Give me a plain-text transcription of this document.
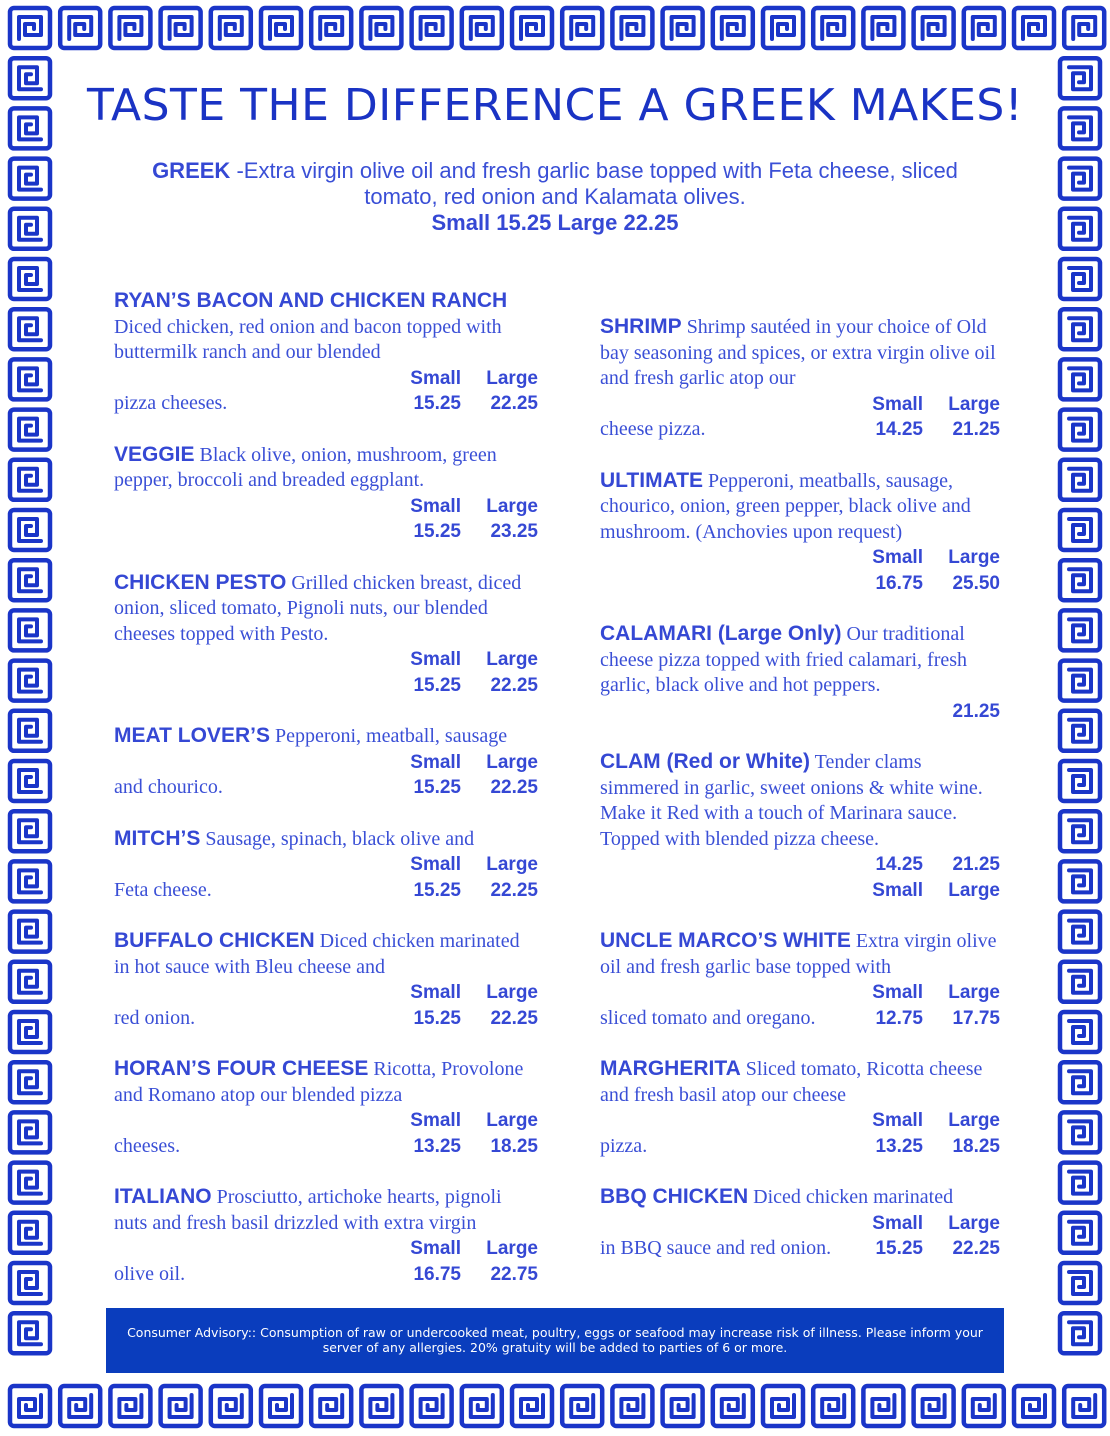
TASTE THE DIFFERENCE A GREEK MAKES!
GREEK -Extra virgin olive oil and fresh garlic base topped with Feta cheese, sliced tomato, red onion and Kalamata olives.
Small 15.25 Large 22.25
RYAN’S BACON AND CHICKEN RANCH Diced chicken, red onion and bacon topped with buttermilk ranch and our blended
Small	Large
pizza cheeses.	15.25	22.25
VEGGIE Black olive, onion, mushroom, green pepper, broccoli and breaded eggplant.
Small	Large
15.25	23.25
CHICKEN PESTO Grilled chicken breast, diced onion, sliced tomato, Pignoli nuts, our blended cheeses topped with Pesto.
Small	Large
15.25	22.25
MEAT LOVER’S Pepperoni, meatball, sausage
Small	Large
and chourico.	15.25	22.25
MITCH’S Sausage, spinach, black olive and
Small	Large
Feta cheese.	15.25	22.25
BUFFALO CHICKEN Diced chicken marinated in hot sauce with Bleu cheese and
Small	Large
red onion.	15.25	22.25
HORAN’S FOUR CHEESE Ricotta, Provolone and Romano atop our blended pizza
Small	Large
cheeses.	13.25	18.25
ITALIANO Prosciutto, artichoke hearts, pignoli nuts and fresh basil drizzled with extra virgin
Small	Large
olive oil.	16.75	22.75
SHRIMP Shrimp sautéed in your choice of Old bay seasoning and spices, or extra virgin olive oil and fresh garlic atop our
Small	Large
cheese pizza.	14.25	21.25
ULTIMATE Pepperoni, meatballs, sausage, chourico, onion, green pepper, black olive and mushroom. (Anchovies upon request)
Small	Large
16.75	25.50
CALAMARI (Large Only) Our traditional cheese pizza topped with fried calamari, fresh garlic, black olive and hot peppers.
21.25
CLAM (Red or White) Tender clams simmered in garlic, sweet onions & white wine. Make it Red with a touch of Marinara sauce. Topped with blended pizza cheese.
14.25	21.25
Small	Large
UNCLE MARCO’S WHITE Extra virgin olive oil and fresh garlic base topped with
Small	Large
sliced tomato and oregano.	12.75	17.75
MARGHERITA Sliced tomato, Ricotta cheese and fresh basil atop our cheese
Small	Large
pizza.	13.25	18.25
BBQ CHICKEN Diced chicken marinated
Small	Large
in BBQ sauce and red onion.	15.25	22.25
Consumer Advisory:: Consumption of raw or undercooked meat, poultry, eggs or seafood may increase risk of illness. Please inform your server of any allergies. 20% gratuity will be added to parties of 6 or more.
